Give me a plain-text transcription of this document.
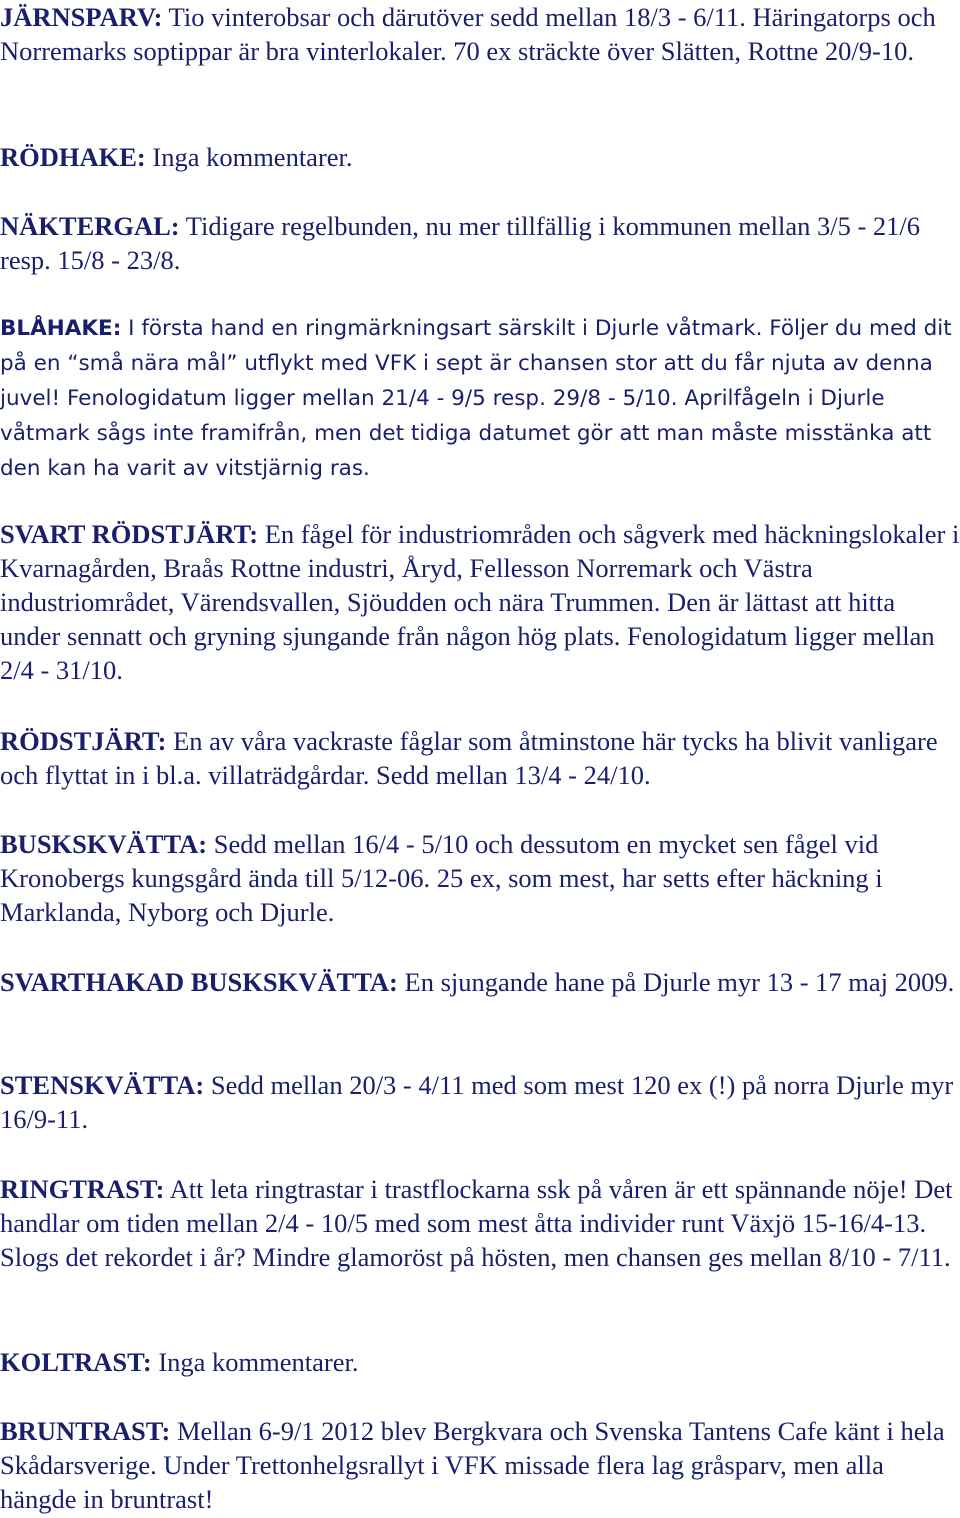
JÄRNSPARV: Tio vinterobsar och därutöver sedd mellan 18/3 - 6/11. Häringatorps och Norremarks soptippar är bra vinterlokaler. 70 ex sträckte över Slätten, Rottne 20/9-10.

RÖDHAKE: Inga kommentarer.

NÄKTERGAL: Tidigare regelbunden, nu mer tillfällig i kommunen mellan 3/5 - 21/6 resp. 15/8 - 23/8.

BLÅHAKE: I första hand en ringmärkningsart särskilt i Djurle våtmark. Följer du med dit på en “små nära mål” utflykt med VFK i sept är chansen stor att du får njuta av denna juvel! Fenologidatum ligger mellan 21/4 - 9/5 resp. 29/8 - 5/10. Aprilfågeln i Djurle våtmark sågs inte framifrån, men det tidiga datumet gör att man måste misstänka att den kan ha varit av vitstjärnig ras.

SVART RÖDSTJÄRT: En fågel för industriområden och sågverk med häckningslokaler i Kvarnagården, Braås Rottne industri, Åryd, Fellesson Norremark och Västra industriområdet, Värendsvallen, Sjöudden och nära Trummen. Den är lättast att hitta under sennatt och gryning sjungande från någon hög plats. Fenologidatum ligger mellan 2/4 - 31/10.

RÖDSTJÄRT: En av våra vackraste fåglar som åtminstone här tycks ha blivit vanligare och flyttat in i bl.a. villaträdgårdar. Sedd mellan 13/4 - 24/10.

BUSKSKVÄTTA: Sedd mellan 16/4 - 5/10 och dessutom en mycket sen fågel vid Kronobergs kungsgård ända till 5/12-06. 25 ex, som mest, har setts efter häckning i Marklanda, Nyborg och Djurle.

SVARTHAKAD BUSKSKVÄTTA: En sjungande hane på Djurle myr 13 - 17 maj 2009.

STENSKVÄTTA: Sedd mellan 20/3 - 4/11 med som mest 120 ex (!) på norra Djurle myr 16/9-11.

RINGTRAST: Att leta ringtrastar i trastflockarna ssk på våren är ett spännande nöje! Det handlar om tiden mellan 2/4 - 10/5 med som mest åtta individer runt Växjö 15-16/4-13. Slogs det rekordet i år? Mindre glamoröst på hösten, men chansen ges mellan 8/10 - 7/11.

KOLTRAST: Inga kommentarer.

BRUNTRAST: Mellan 6-9/1 2012 blev Bergkvara och Svenska Tantens Cafe känt i hela Skådarsverige. Under Trettonhelgsrallyt i VFK missade flera lag gråsparv, men alla hängde in bruntrast!
